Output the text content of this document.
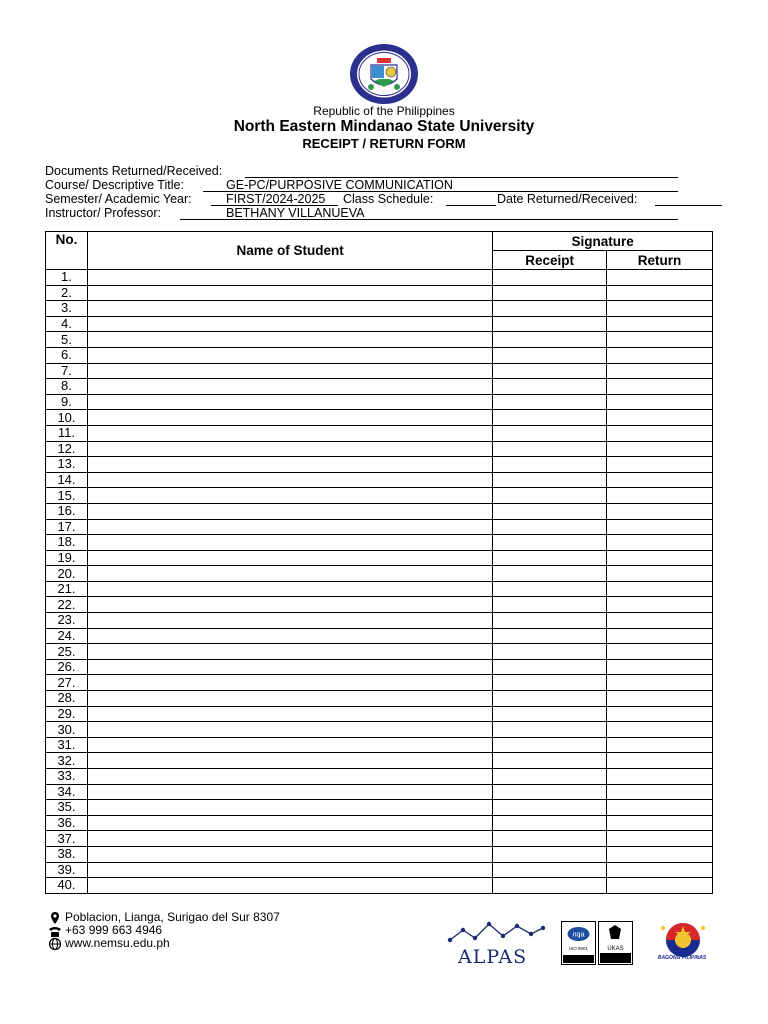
Republic of the Philippines
North Eastern Mindanao State University
RECEIPT / RETURN FORM
Documents Returned/Received:
Course/ Descriptive Title:	GE-PC/PURPOSIVE COMMUNICATION
Semester/ Academic Year:	FIRST/2024-2025 Class Schedule:	Date Returned/Received:
Instructor/ Professor:	BETHANY VILLANUEVA
No.	Name of Student	Signature	
		Receipt	Return
1.			
2.			
3.			
4.			
5.			
6.			
7.			
8.			
9.			
10.			
11.			
12.			
13.			
14.			
15.			
16.			
17.			
18.			
19.			
20.			
21.			
22.			
23.			
24.			
25.			
26.			
27.			
28.			
29.			
30.			
31.			
32.			
33.			
34.			
35.			
36.			
37.			
38.			
39.			
40.			
Poblacion, Lianga, Surigao del Sur 8307
+63 999 663 4946
www.nemsu.edu.ph
ALPAS
nqa
ISO 9001	UKAS
BAGONG PILIPINAS
